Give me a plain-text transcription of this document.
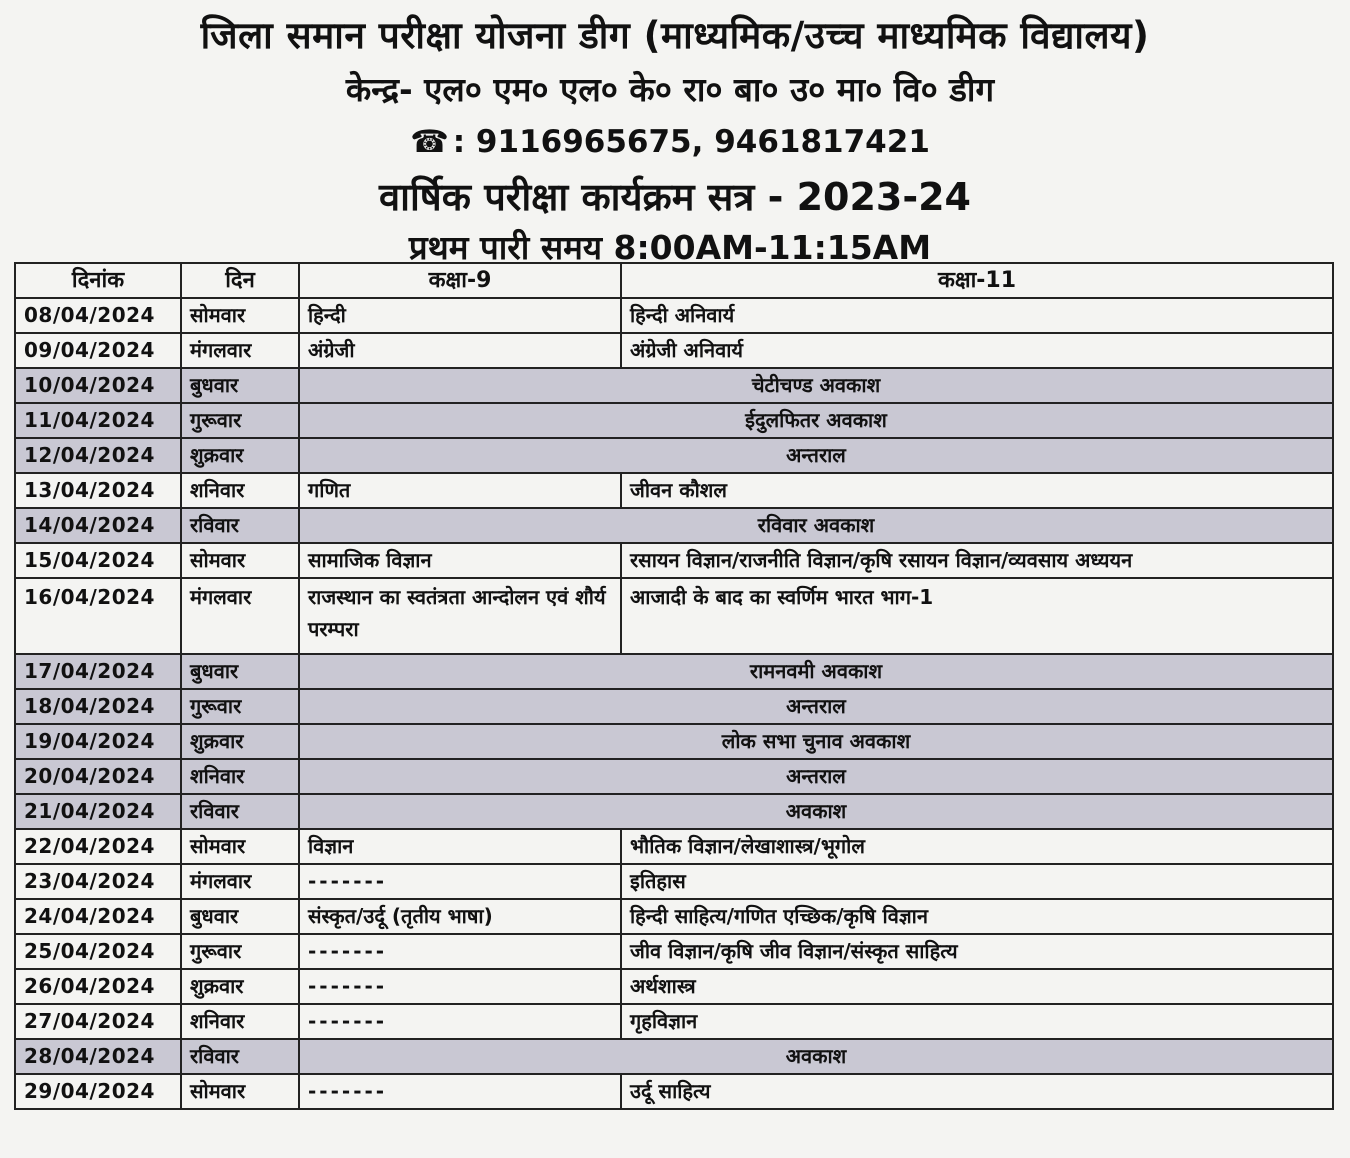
जिला समान परीक्षा योजना डीग (माध्यमिक/उच्च माध्यमिक विद्यालय)
केन्द्र- एल० एम० एल० के० रा० बा० उ० मा० वि० डीग
☎ : 9116965675, 9461817421
वार्षिक परीक्षा कार्यक्रम सत्र - 2023-24
प्रथम पारी समय 8:00AM-11:15AM
दिनांक	दिन	कक्षा-9	कक्षा-11
08/04/2024	सोमवार	हिन्दी	हिन्दी अनिवार्य
09/04/2024	मंगलवार	अंग्रेजी	अंग्रेजी अनिवार्य
10/04/2024	बुधवार	चेटीचण्ड अवकाश	
11/04/2024	गुरूवार	ईदुलफितर अवकाश	
12/04/2024	शुक्रवार	अन्तराल	
13/04/2024	शनिवार	गणित	जीवन कौशल
14/04/2024	रविवार	रविवार अवकाश	
15/04/2024	सोमवार	सामाजिक विज्ञान	रसायन विज्ञान/राजनीति विज्ञान/कृषि रसायन विज्ञान/व्यवसाय अध्ययन
16/04/2024	मंगलवार	राजस्थान का स्वतंत्रता आन्दोलन एवं शौर्य परम्परा	आजादी के बाद का स्वर्णिम भारत भाग-1
17/04/2024	बुधवार	रामनवमी अवकाश	
18/04/2024	गुरूवार	अन्तराल	
19/04/2024	शुक्रवार	लोक सभा चुनाव अवकाश	
20/04/2024	शनिवार	अन्तराल	
21/04/2024	रविवार	अवकाश	
22/04/2024	सोमवार	विज्ञान	भौतिक विज्ञान/लेखाशास्त्र/भूगोल
23/04/2024	मंगलवार	-------	इतिहास
24/04/2024	बुधवार	संस्कृत/उर्दू (तृतीय भाषा)	हिन्दी साहित्य/गणित एच्छिक/कृषि विज्ञान
25/04/2024	गुरूवार	-------	जीव विज्ञान/कृषि जीव विज्ञान/संस्कृत साहित्य
26/04/2024	शुक्रवार	-------	अर्थशास्त्र
27/04/2024	शनिवार	-------	गृहविज्ञान
28/04/2024	रविवार	अवकाश	
29/04/2024	सोमवार	-------	उर्दू साहित्य
